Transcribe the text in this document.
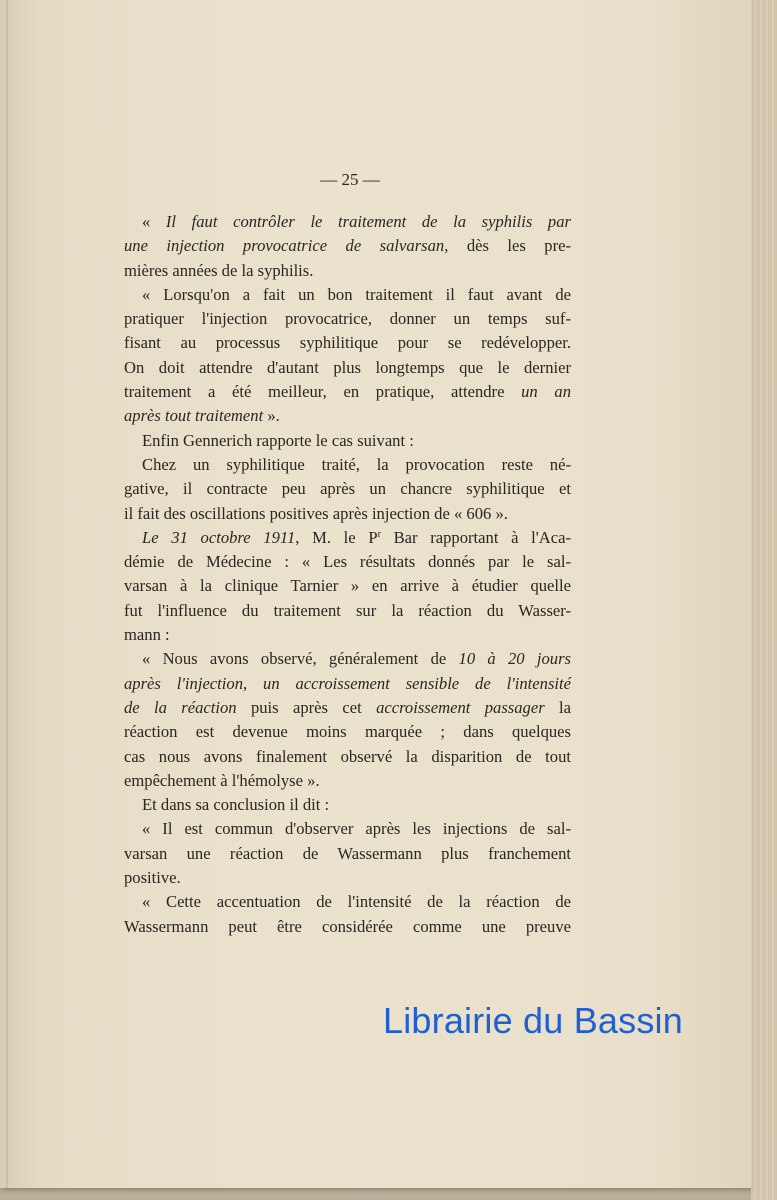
— 25 —
« Il faut contrôler le traitement de la syphilis par
une injection provocatrice de salvarsan, dès les pre-
mières années de la syphilis.
« Lorsqu'on a fait un bon traitement il faut avant de
pratiquer l'injection provocatrice, donner un temps suf-
fisant au processus syphilitique pour se redévelopper.
On doit attendre d'autant plus longtemps que le dernier
traitement a été meilleur, en pratique, attendre un an
après tout traitement ».
Enfin Gennerich rapporte le cas suivant :
Chez un syphilitique traité, la provocation reste né-
gative, il contracte peu après un chancre syphilitique et
il fait des oscillations positives après injection de « 606 ».
Le 31 octobre 1911, M. le $P^r$ Bar rapportant à l'Aca-
démie de Médecine : « Les résultats donnés par le sal-
varsan à la clinique Tarnier » en arrive à étudier quelle
fut l'influence du traitement sur la réaction du Wasser-
mann :
« Nous avons observé, généralement de 10 à 20 jours
après l'injection, un accroissement sensible de l'intensité
de la réaction puis après cet accroissement passager la
réaction est devenue moins marquée ; dans quelques
cas nous avons finalement observé la disparition de tout
empêchement à l'hémolyse ».
Et dans sa conclusion il dit :
« Il est commun d'observer après les injections de sal-
varsan une réaction de Wassermann plus franchement
positive.
« Cette accentuation de l'intensité de la réaction de
Wassermann peut être considérée comme une preuve
Librairie du Bassin
